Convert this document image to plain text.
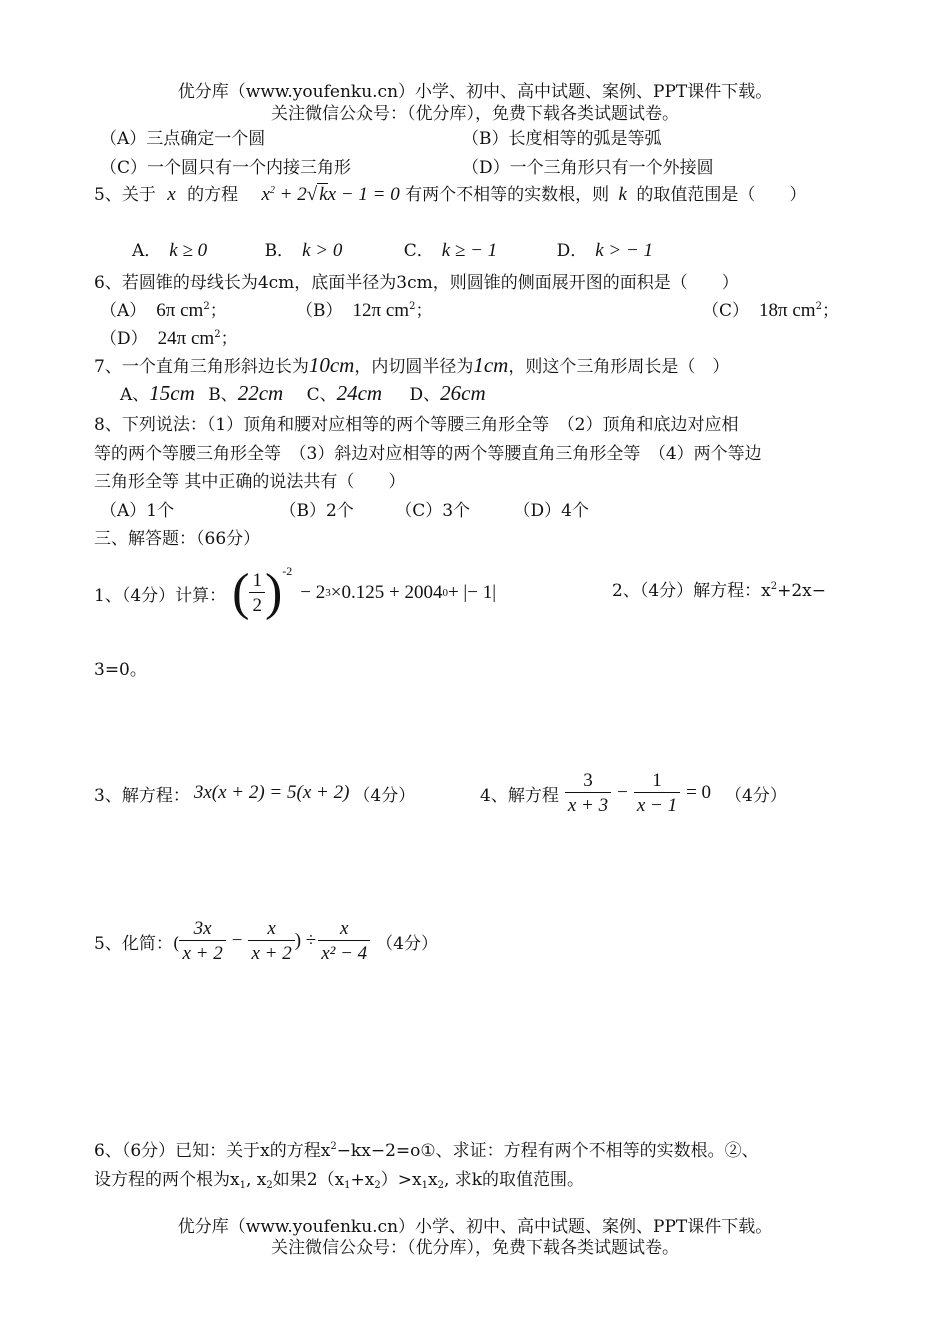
优分库（www.youfenku.cn）小学、初中、高中试题、案例、PPT课件下载。
关注微信公众号：（优分库），免费下载各类试题试卷。
（A）三点确定一个圆	（B）长度相等的弧是等弧
（C）一个圆只有一个内接三角形	（D）一个三角形只有一个外接圆
5、关于 x 的方程 $x^2 + 2√$ kx − 1 = 0 有两个不相等的实数根，则 k 的取值范围是（　　）
A． k ≥ 0	B． k > 0	C． k ≥ − 1	D． k > − 1
6、若圆锥的母线长为4cm，底面半径为3cm，则圆锥的侧面展开图的面积是（　　）
（A） 6π $cm^2$；	（B） 12π $cm^2$；	（C） 18π $cm^2$；
（D） 24π $cm^2$；
7、一个直角三角形斜边长为10cm，内切圆半径为1cm，则这个三角形周长是（　）
A、15cm B、22cm C、24cm D、26cm
8、下列说法：（1）顶角和腰对应相等的两个等腰三角形全等　（2）顶角和底边对应相
等的两个等腰三角形全等　（3）斜边对应相等的两个等腰直角三角形全等　（4）两个等边
三角形全等 其中正确的说法共有（　　）
（A）1个	（B）2个 （C）3个	（D）4个
三、解答题：（66分）
1、（4分）计算： ( $\frac{1}{2}$ ) -2
− 2 3 ×0.125 + 2004 0 + |− 1|	2、（4分）解方程：$x^2+2x-$
3=0。
3、解方程： 3x(x + 2) = 5(x + 2) （4分）	4、解方程 $\frac{3}{x + 3} - \frac{1}{x - 1} = 0$ （4分）
5、化简：( $\frac{3x}{x + 2} - \frac{x}{x + 2}$ ) ÷ $\frac{x}{\text{x² − 4}} (4$分）
6、（6分）已知：关于x的方程$x^2-kx-2=o①$、求证：方程有两个不相等的实数根。②、
设方程的两个根为$x_1$, $x_2$如果$2(x_1+x_2)>x_1x_2$, 求k的取值范围。
优分库（www.youfenku.cn）小学、初中、高中试题、案例、PPT课件下载。
关注微信公众号：（优分库），免费下载各类试题试卷。
